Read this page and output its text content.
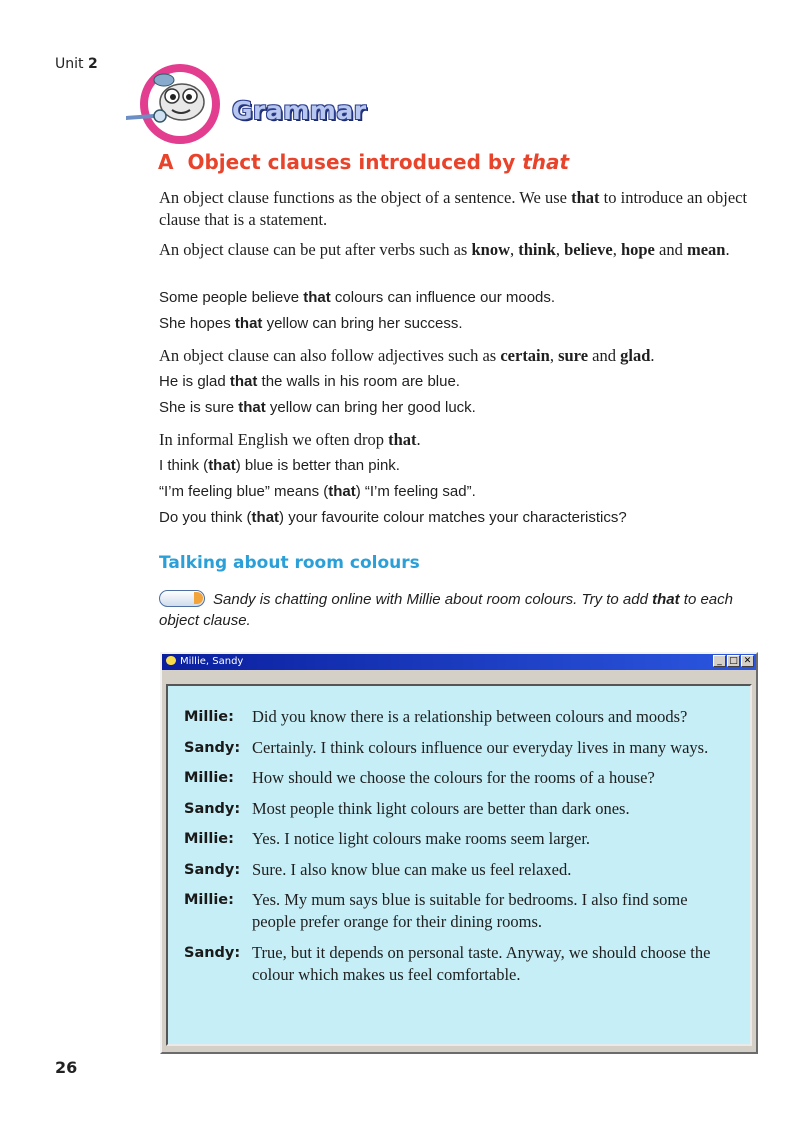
Unit 2
Grammar
A Object clauses introduced by that

An object clause functions as the object of a sentence. We use that to introduce an object clause that is a statement.

An object clause can be put after verbs such as know, think, believe, hope and mean.

Some people believe that colours can influence our moods.

She hopes that yellow can bring her success.

An object clause can also follow adjectives such as certain, sure and glad.

He is glad that the walls in his room are blue.

She is sure that yellow can bring her good luck.

In informal English we often drop that.

I think (that) blue is better than pink.

“I’m feeling blue” means (that) “I’m feeling sad”.

Do you think (that) your favourite colour matches your characteristics?

Talking about room colours

Sandy is chatting online with Millie about room colours. Try to add that to each object clause.

Millie, Sandy	_ □ ✕
Millie:	Did you know there is a relationship between colours and moods?
Sandy: Certainly. I think colours influence our everyday lives in many ways.
Millie:	How should we choose the colours for the rooms of a house?
Sandy: Most people think light colours are better than dark ones.
Millie:	Yes. I notice light colours make rooms seem larger.
Sandy: Sure. I also know blue can make us feel relaxed.
Millie:	Yes. My mum says blue is suitable for bedrooms. I also find some people prefer orange for their dining rooms.
Sandy: True, but it depends on personal taste. Anyway, we should choose the colour which makes us feel comfortable.
26
